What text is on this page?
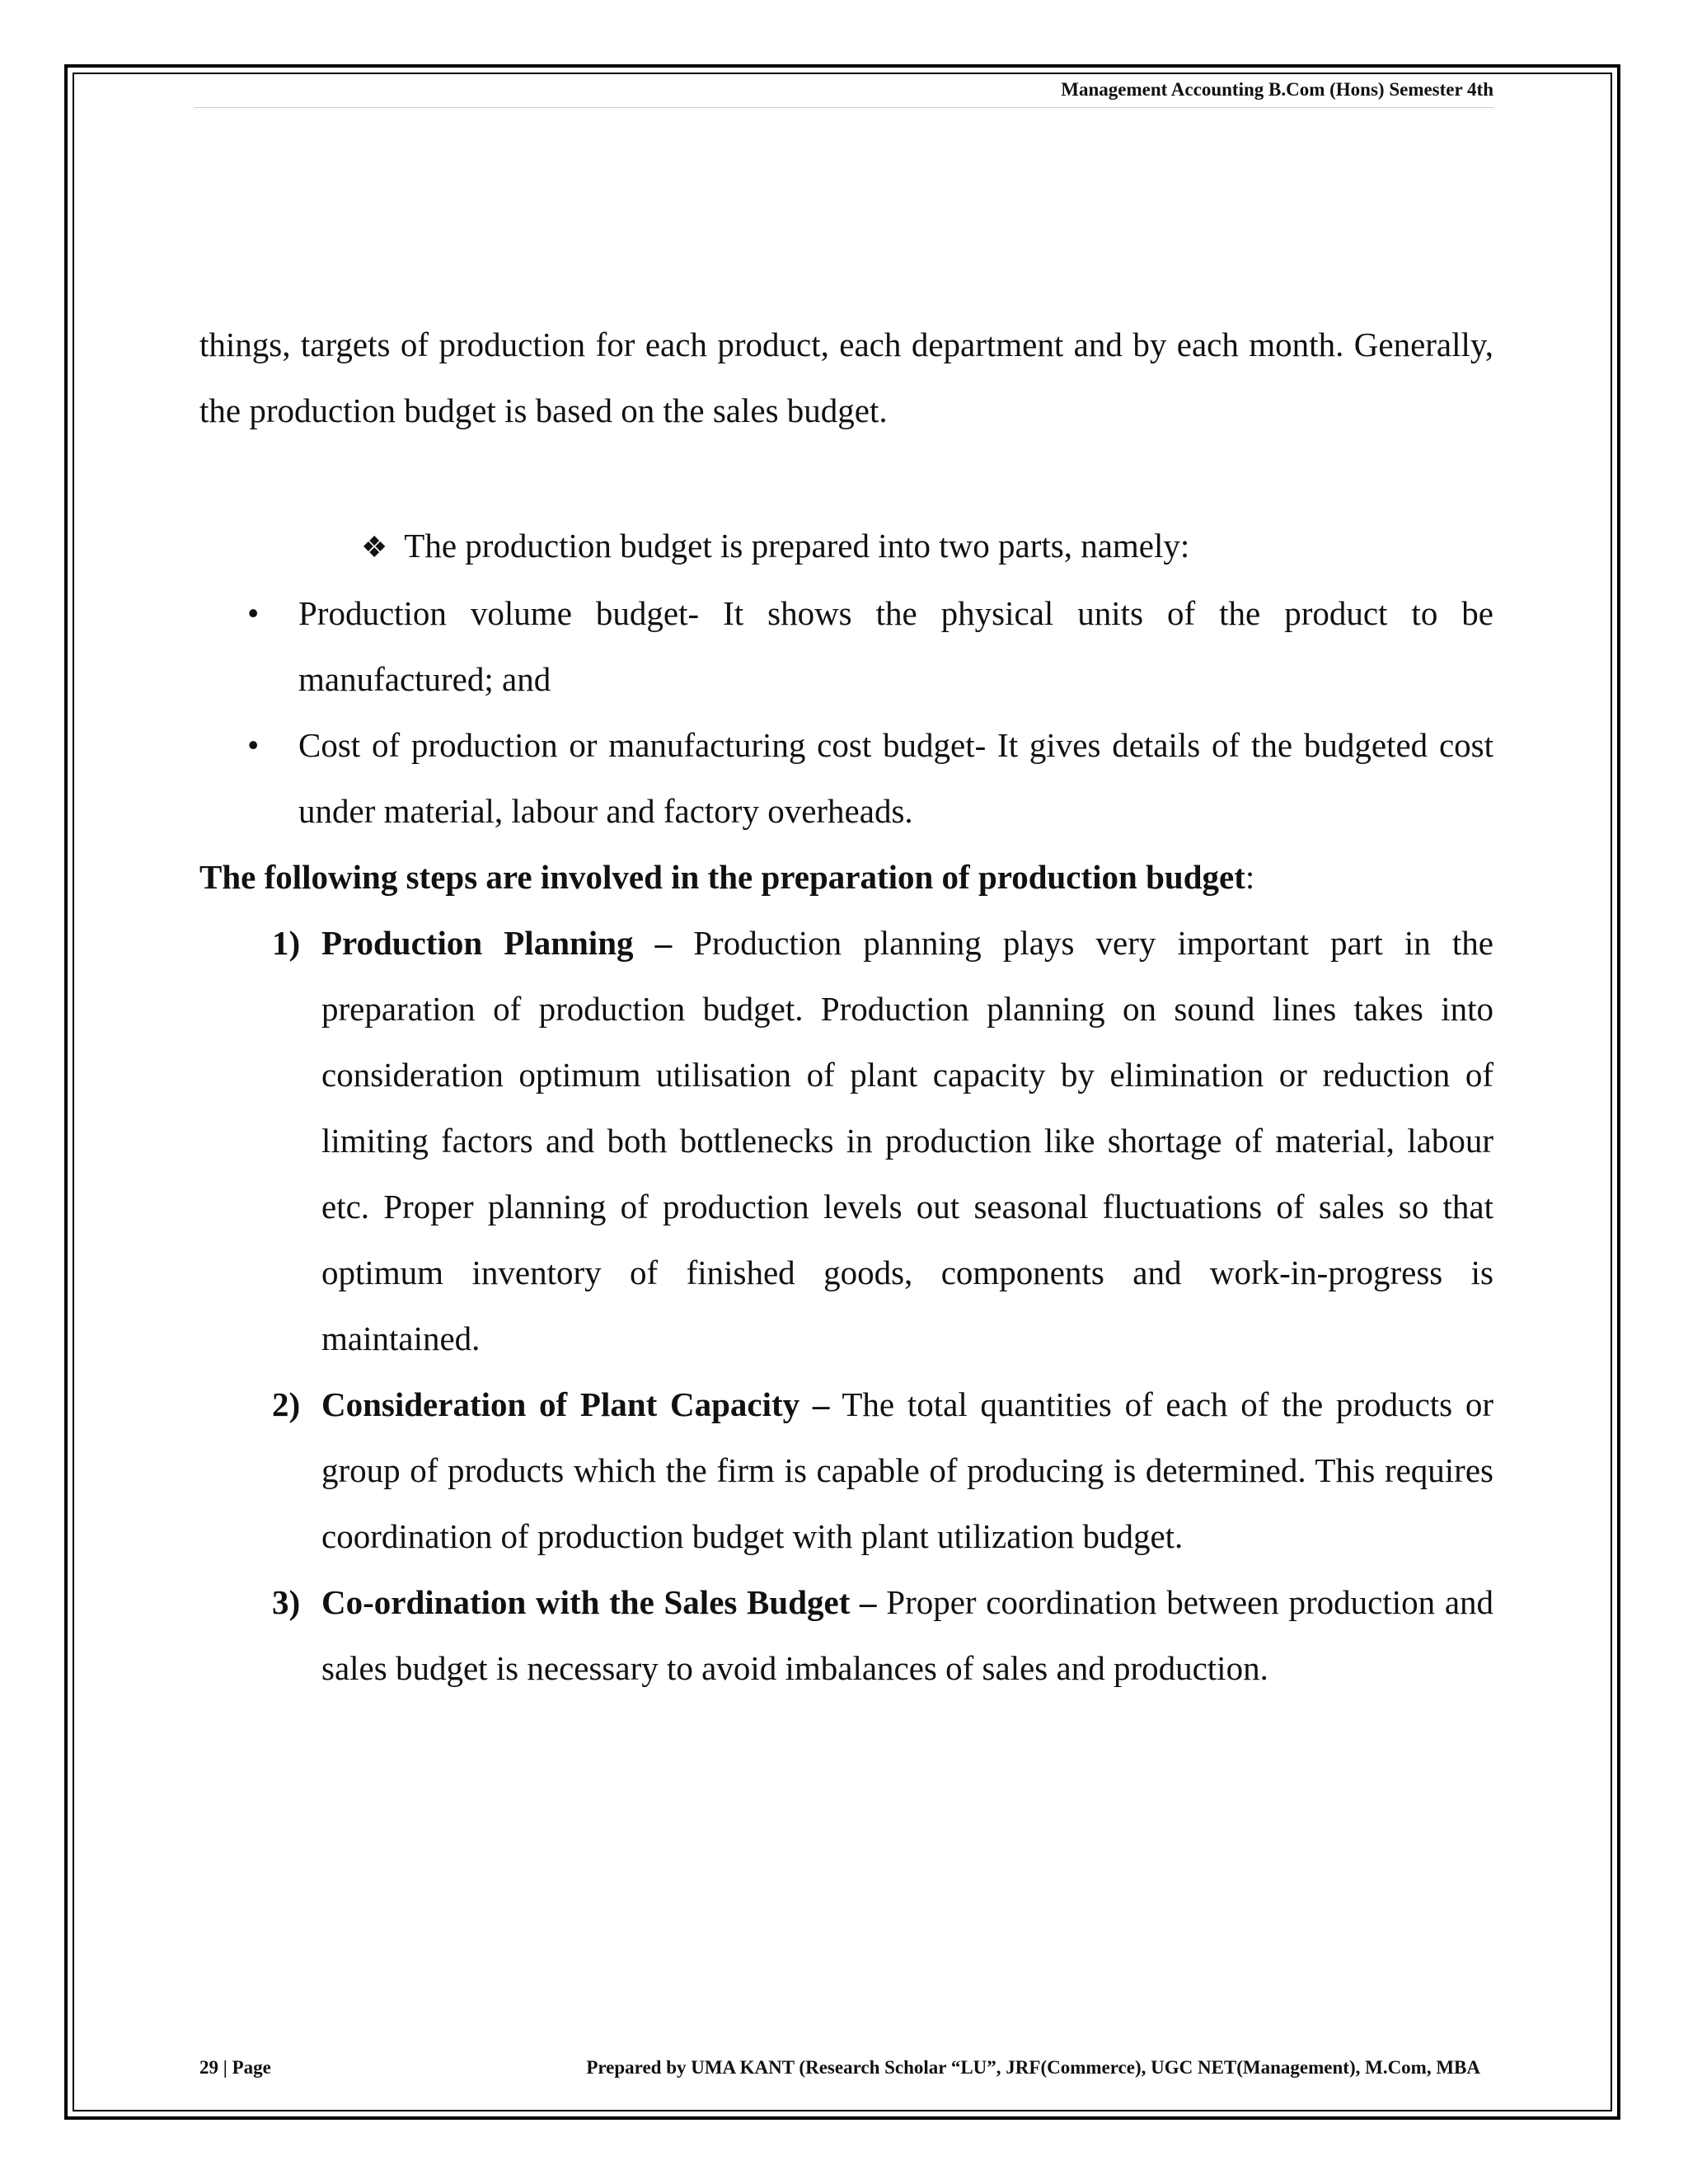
Management Accounting B.Com (Hons) Semester 4th

things, targets of production for each product, each department and by each month. Generally, the production budget is based on the sales budget.

❖ The production budget is prepared into two parts, namely:

• Production volume budget- It shows the physical units of the product to be manufactured; and
• Cost of production or manufacturing cost budget- It gives details of the budgeted cost under material, labour and factory overheads.

The following steps are involved in the preparation of production budget:

1) Production Planning – Production planning plays very important part in the preparation of production budget. Production planning on sound lines takes into consideration optimum utilisation of plant capacity by elimination or reduction of limiting factors and both bottlenecks in production like shortage of material, labour etc. Proper planning of production levels out seasonal fluctuations of sales so that optimum inventory of finished goods, components and work-in-progress is maintained.
2) Consideration of Plant Capacity – The total quantities of each of the products or group of products which the firm is capable of producing is determined. This requires coordination of production budget with plant utilization budget.
3) Co-ordination with the Sales Budget – Proper coordination between production and sales budget is necessary to avoid imbalances of sales and production.
29 | Page	Prepared by UMA KANT (Research Scholar “LU”, JRF(Commerce), UGC NET(Management), M.Com, MBA
